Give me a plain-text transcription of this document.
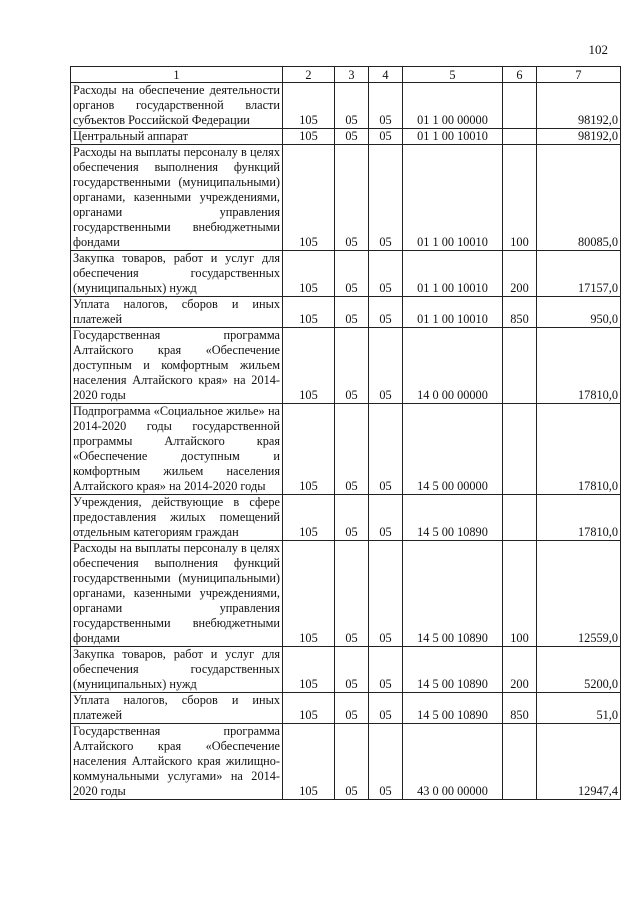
102
1	2	3	4	5	6	7
Расходы на обеспечение деятельности органов государственной власти субъектов Российской Федерации	105	05	05	01 1 00 00000		98192,0
Центральный аппарат	105	05	05	01 1 00 10010		98192,0
Расходы на выплаты персоналу в целях обеспечения выполнения функций государственными (муниципальными) органами, казенными учреждениями, органами управления государственными внебюджетными фондами	105	05	05	01 1 00 10010	100	80085,0
Закупка товаров, работ и услуг для обеспечения государственных (муниципальных) нужд	105	05	05	01 1 00 10010	200	17157,0
Уплата налогов, сборов и иных платежей	105	05	05	01 1 00 10010	850	950,0
Государственная программа Алтайского края «Обеспечение доступным и комфортным жильем населения Алтайского края» на 2014-2020 годы	105	05	05	14 0 00 00000		17810,0
Подпрограмма «Социальное жилье» на 2014-2020 годы государственной программы Алтайского края «Обеспечение доступным и комфортным жильем населения Алтайского края» на 2014-2020 годы	105	05	05	14 5 00 00000		17810,0
Учреждения, действующие в сфере предоставления жилых помещений отдельным категориям граждан	105	05	05	14 5 00 10890		17810,0
Расходы на выплаты персоналу в целях обеспечения выполнения функций государственными (муниципальными) органами, казенными учреждениями, органами управления государственными внебюджетными фондами	105	05	05	14 5 00 10890	100	12559,0
Закупка товаров, работ и услуг для обеспечения государственных (муниципальных) нужд	105	05	05	14 5 00 10890	200	5200,0
Уплата налогов, сборов и иных платежей	105	05	05	14 5 00 10890	850	51,0
Государственная программа Алтайского края «Обеспечение населения Алтайского края жилищно-коммунальными услугами» на 2014-2020 годы	105	05	05	43 0 00 00000		12947,4
